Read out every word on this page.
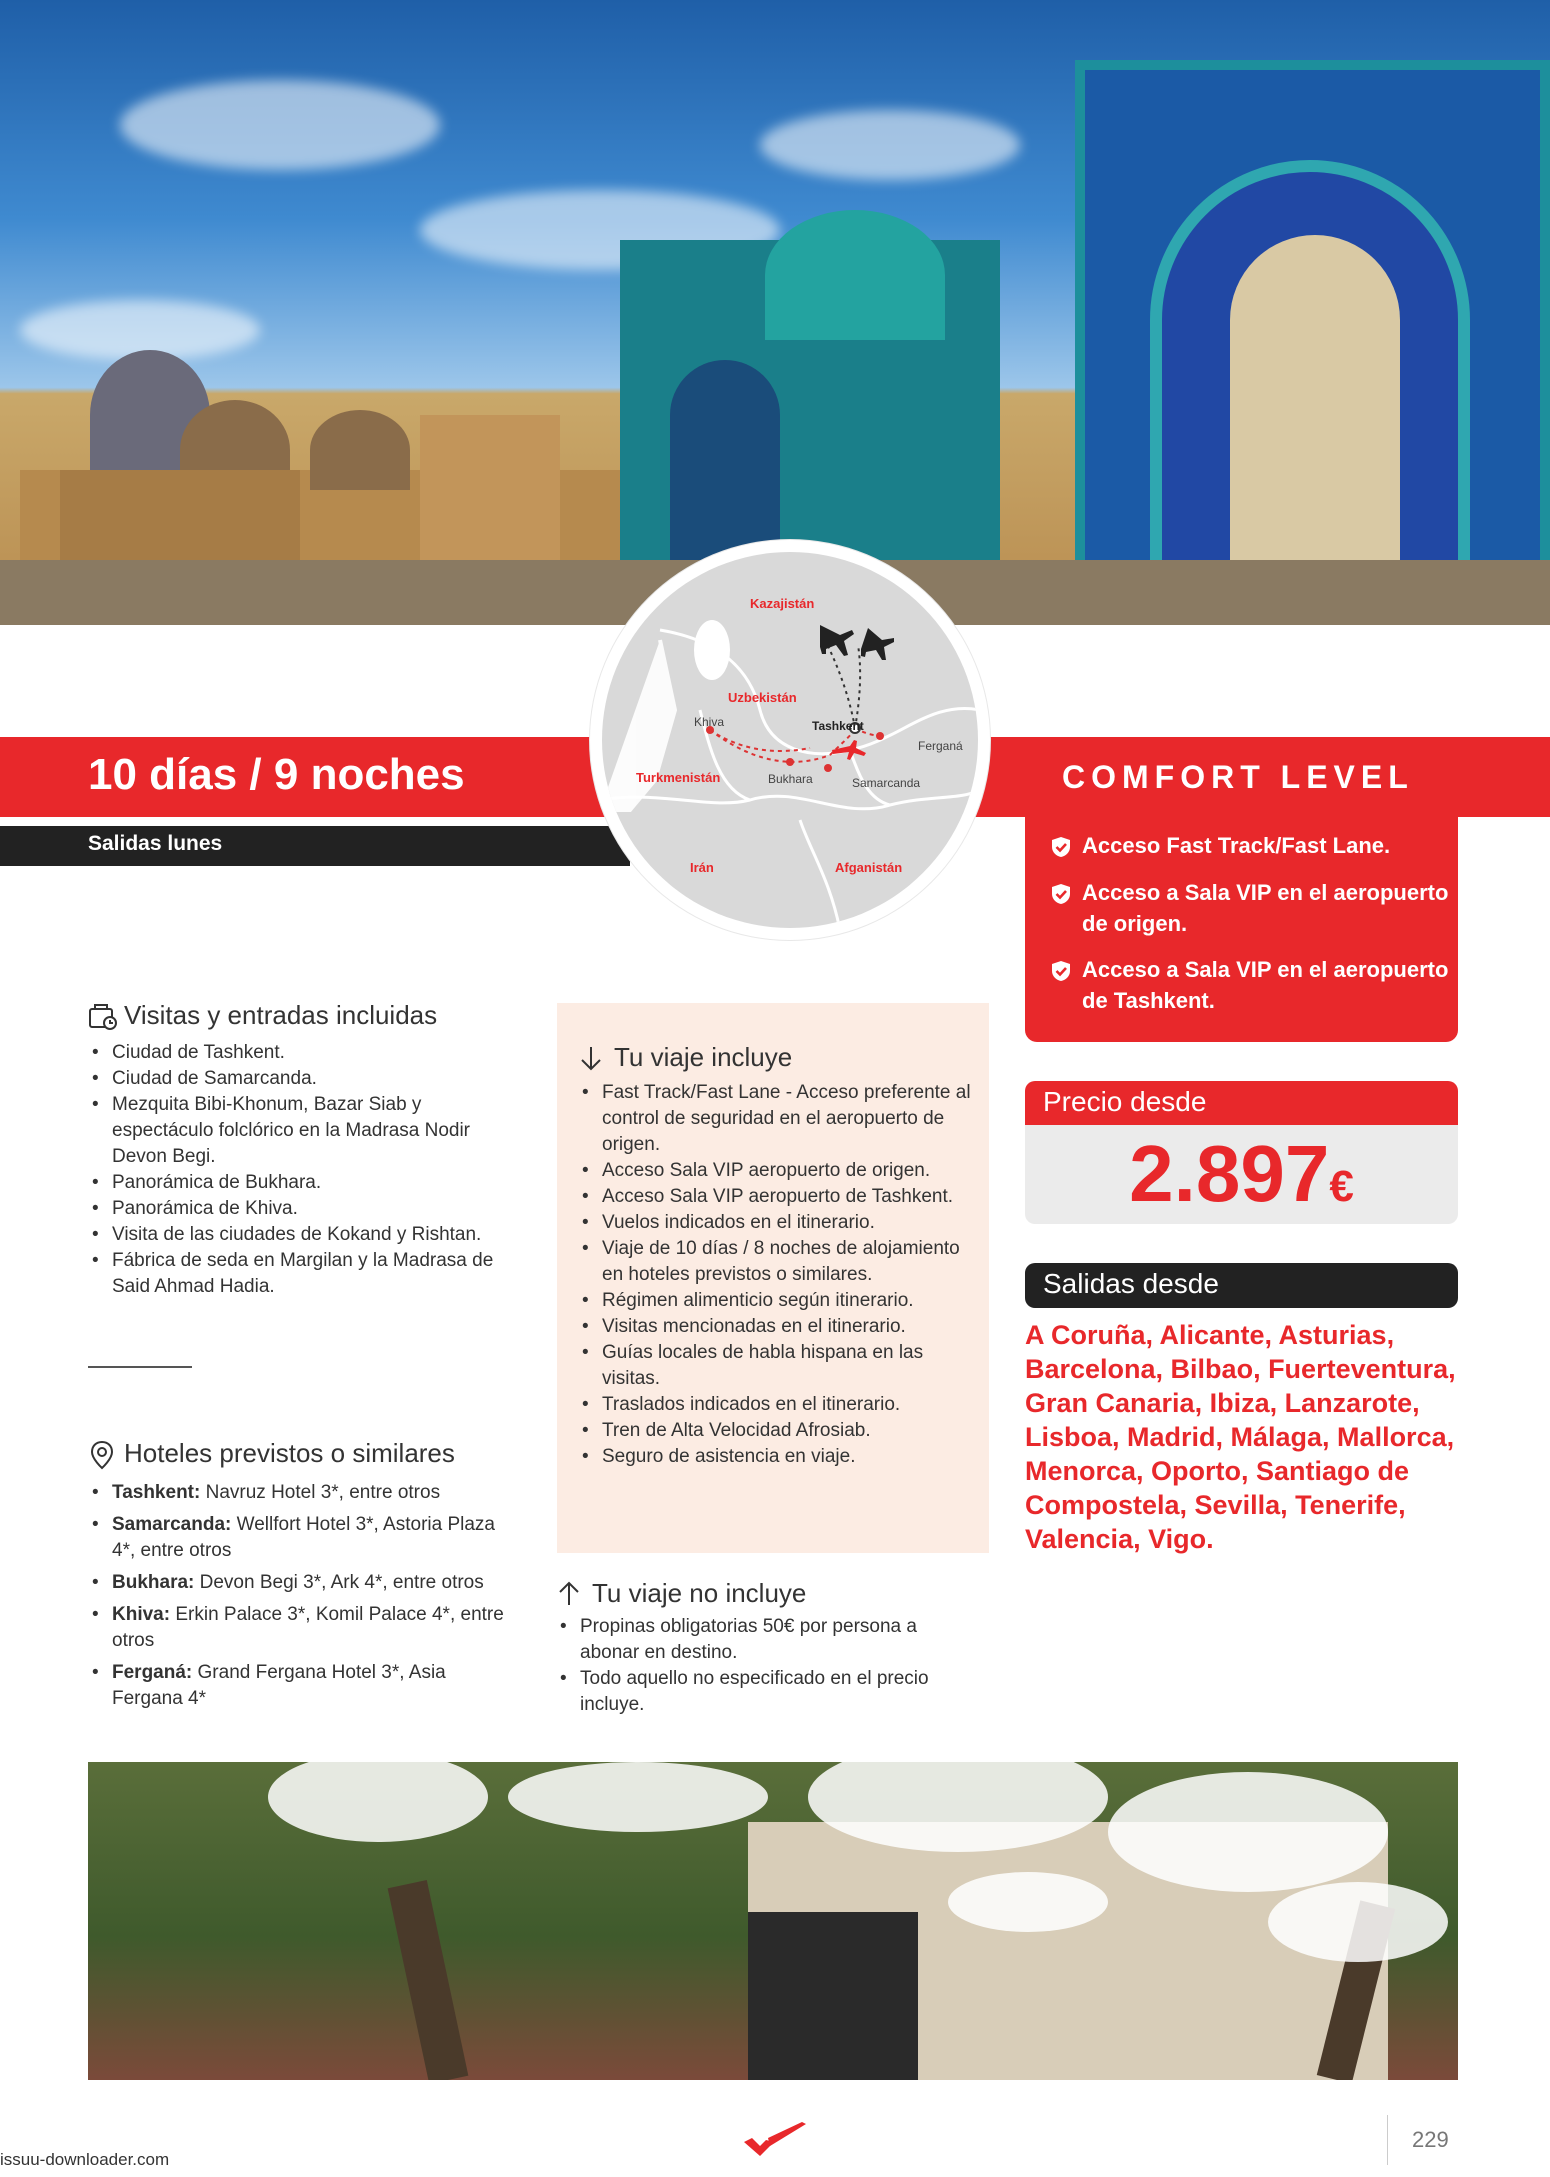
10 días / 9 noches
Salidas lunes
COMFORT LEVEL
Acceso Fast Track/Fast Lane.
Acceso a Sala VIP en el aeropuerto de origen.
Acceso a Sala VIP en el aeropuerto de Tashkent.
Kazajistán
Uzbekistán
Turkmenistán
Irán	Afganistán
Khiva	Tashkent
Ferganá
Bukhara	Samarcanda
Visitas y entradas incluidas
• Ciudad de Tashkent.
• Ciudad de Samarcanda.
• Mezquita Bibi-Khonum, Bazar Siab y espectáculo folclórico en la Madrasa Nodir Devon Begi.
• Panorámica de Bukhara.
• Panorámica de Khiva.
• Visita de las ciudades de Kokand y Rishtan.
• Fábrica de seda en Margilan y la Madrasa de Said Ahmad Hadia.
Hoteles previstos o similares
• Tashkent: Navruz Hotel 3*, entre otros
• Samarcanda: Wellfort Hotel 3*, Astoria Plaza 4*, entre otros
• Bukhara: Devon Begi 3*, Ark 4*, entre otros
• Khiva: Erkin Palace 3*, Komil Palace 4*, entre otros
• Ferganá: Grand Fergana Hotel 3*, Asia Fergana 4*
Tu viaje incluye
• Fast Track/Fast Lane - Acceso preferente al control de seguridad en el aeropuerto de origen.
• Acceso Sala VIP aeropuerto de origen.
• Acceso Sala VIP aeropuerto de Tashkent.
• Vuelos indicados en el itinerario.
• Viaje de 10 días / 8 noches de alojamiento en hoteles previstos o similares.
• Régimen alimenticio según itinerario.
• Visitas mencionadas en el itinerario.
• Guías locales de habla hispana en las visitas.
• Traslados indicados en el itinerario.
• Tren de Alta Velocidad Afrosiab.
• Seguro de asistencia en viaje.
Tu viaje no incluye
• Propinas obligatorias 50€ por persona a abonar en destino.
• Todo aquello no especificado en el precio incluye.
Precio desde
2.897€
Salidas desde
A Coruña, Alicante, Asturias, Barcelona, Bilbao, Fuerteventura, Gran Canaria, Ibiza, Lanzarote, Lisboa, Madrid, Málaga, Mallorca, Menorca, Oporto, Santiago de Compostela, Sevilla, Tenerife, Valencia, Vigo.
229
issuu-downloader.com
